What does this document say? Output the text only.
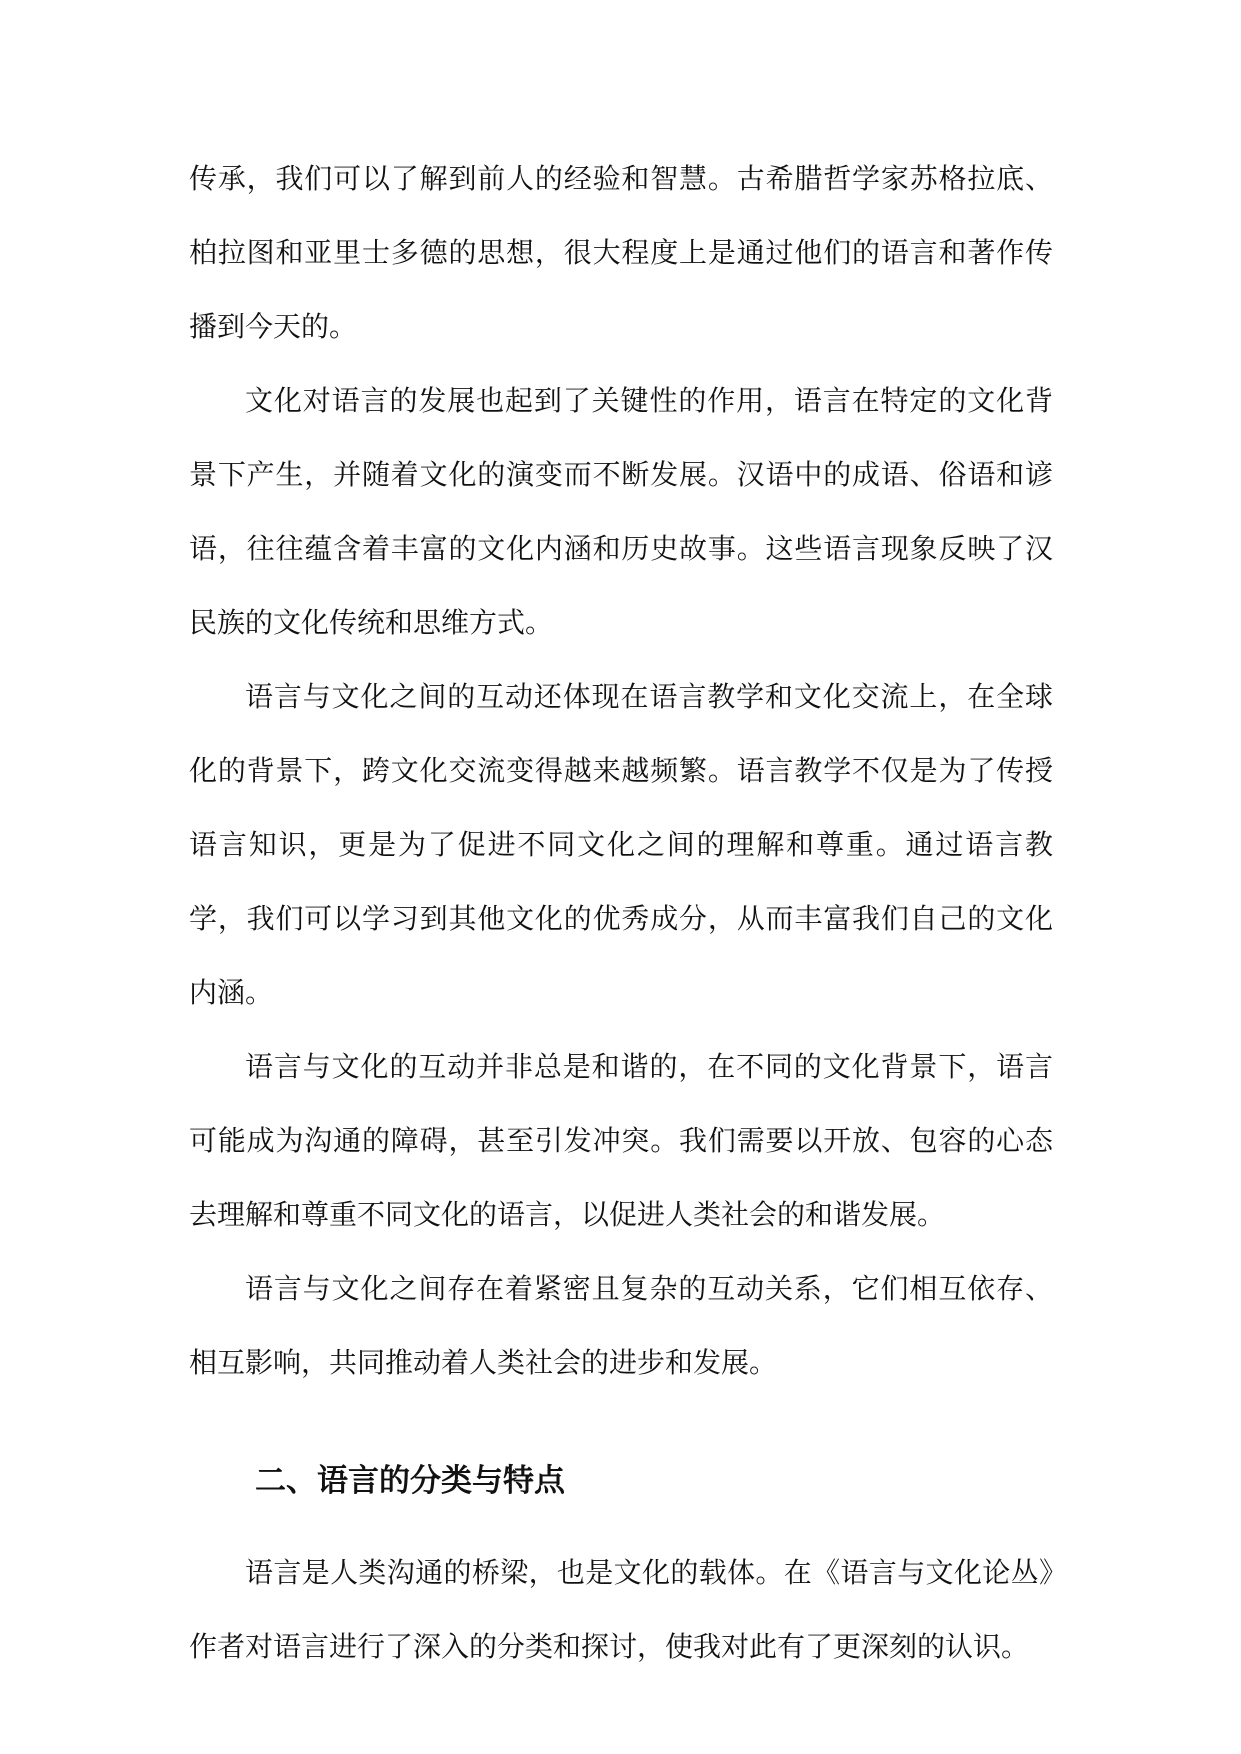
传承，我们可以了解到前人的经验和智慧。古希腊哲学家苏格拉底、柏拉图和亚里士多德的思想，很大程度上是通过他们的语言和著作传播到今天的。

文化对语言的发展也起到了关键性的作用，语言在特定的文化背景下产生，并随着文化的演变而不断发展。汉语中的成语、俗语和谚语，往往蕴含着丰富的文化内涵和历史故事。这些语言现象反映了汉民族的文化传统和思维方式。

语言与文化之间的互动还体现在语言教学和文化交流上，在全球化的背景下，跨文化交流变得越来越频繁。语言教学不仅是为了传授语言知识，更是为了促进不同文化之间的理解和尊重。通过语言教学，我们可以学习到其他文化的优秀成分，从而丰富我们自己的文化内涵。

语言与文化的互动并非总是和谐的，在不同的文化背景下，语言可能成为沟通的障碍，甚至引发冲突。我们需要以开放、包容的心态去理解和尊重不同文化的语言，以促进人类社会的和谐发展。

语言与文化之间存在着紧密且复杂的互动关系，它们相互依存、相互影响，共同推动着人类社会的进步和发展。

二、语言的分类与特点

语言是人类沟通的桥梁，也是文化的载体。在《语言与文化论丛》作者对语言进行了深入的分类和探讨，使我对此有了更深刻的认识。
